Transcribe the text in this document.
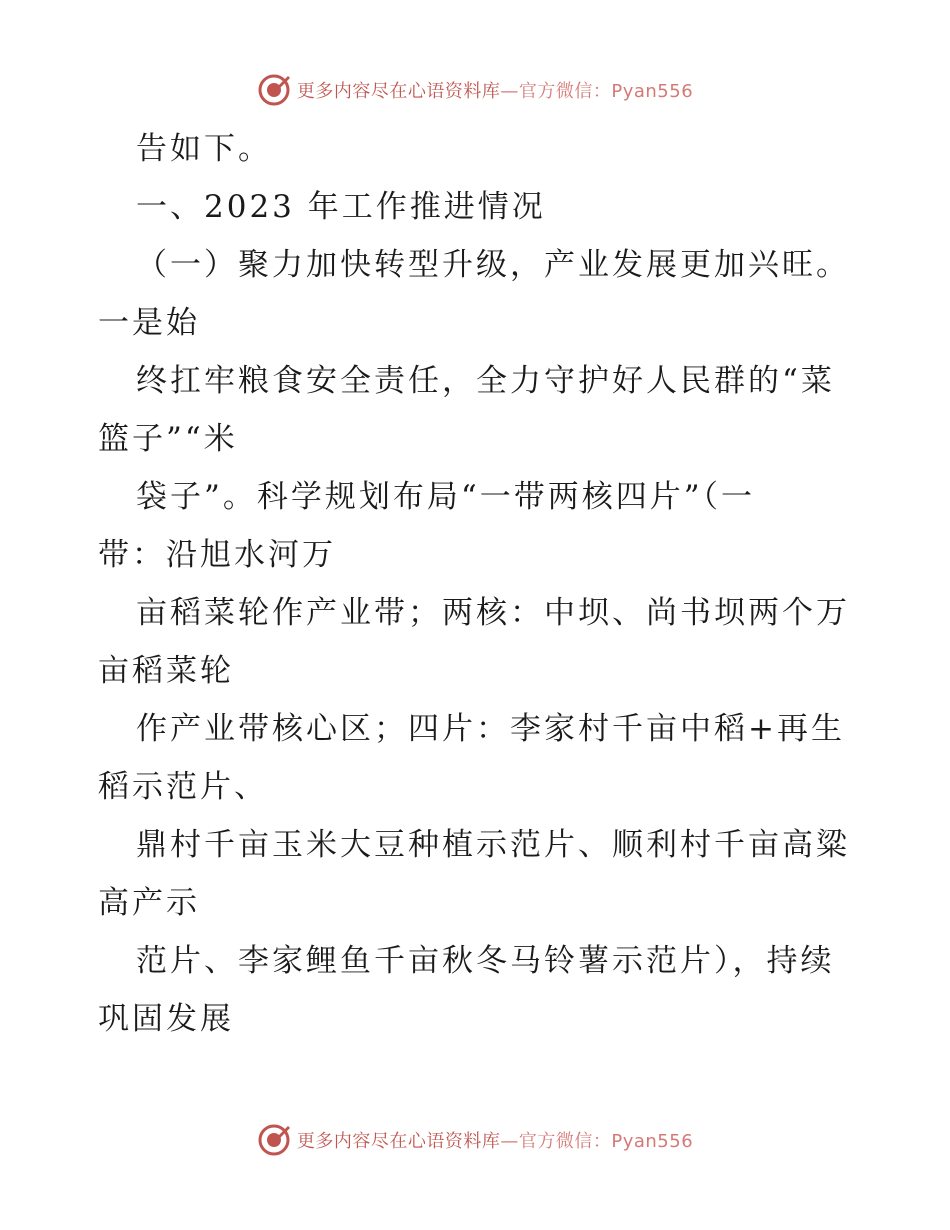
更多内容尽在心语资料库—官方微信：Pyan556
告如下。
一、2023 年工作推进情况
（一）聚力加快转型升级，产业发展更加兴旺。
一是始
终扛牢粮食安全责任，全力守护好人民群的“菜
篮子”“米
袋子”。科学规划布局“一带两核四片”（一
带：沿旭水河万
亩稻菜轮作产业带；两核：中坝、尚书坝两个万
亩稻菜轮
作产业带核心区；四片：李家村千亩中稻+再生
稻示范片、
鼎村千亩玉米大豆种植示范片、顺利村千亩高粱
高产示
范片、李家鲤鱼千亩秋冬马铃薯示范片），持续
巩固发展
更多内容尽在心语资料库—官方微信：Pyan556
